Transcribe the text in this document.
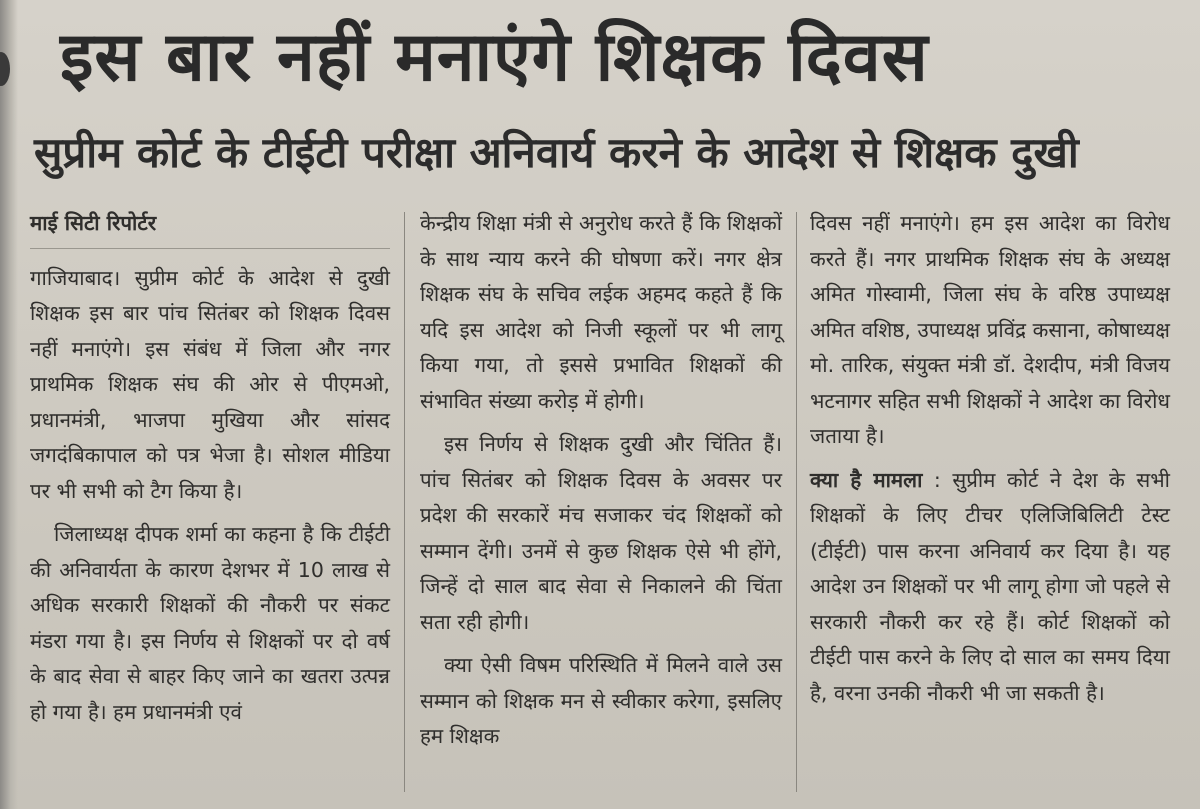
इस बार नहीं मनाएंगे शिक्षक दिवस
सुप्रीम कोर्ट के टीईटी परीक्षा अनिवार्य करने के आदेश से शिक्षक दुखी
माई सिटी रिपोर्टर

गाजियाबाद। सुप्रीम कोर्ट के आदेश से दुखी शिक्षक इस बार पांच सितंबर को शिक्षक दिवस नहीं मनाएंगे। इस संबंध में जिला और नगर प्राथमिक शिक्षक संघ की ओर से पीएमओ, प्रधानमंत्री, भाजपा मुखिया और सांसद जगदंबिकापाल को पत्र भेजा है। सोशल मीडिया पर भी सभी को टैग किया है।

जिलाध्यक्ष दीपक शर्मा का कहना है कि टीईटी की अनिवार्यता के कारण देशभर में 10 लाख से अधिक सरकारी शिक्षकों की नौकरी पर संकट मंडरा गया है। इस निर्णय से शिक्षकों पर दो वर्ष के बाद सेवा से बाहर किए जाने का खतरा उत्पन्न हो गया है। हम प्रधानमंत्री एवं

केन्द्रीय शिक्षा मंत्री से अनुरोध करते हैं कि शिक्षकों के साथ न्याय करने की घोषणा करें। नगर क्षेत्र शिक्षक संघ के सचिव लईक अहमद कहते हैं कि यदि इस आदेश को निजी स्कूलों पर भी लागू किया गया, तो इससे प्रभावित शिक्षकों की संभावित संख्या करोड़ में होगी।

इस निर्णय से शिक्षक दुखी और चिंतित हैं। पांच सितंबर को शिक्षक दिवस के अवसर पर प्रदेश की सरकारें मंच सजाकर चंद शिक्षकों को सम्मान देंगी। उनमें से कुछ शिक्षक ऐसे भी होंगे, जिन्हें दो साल बाद सेवा से निकालने की चिंता सता रही होगी।

क्या ऐसी विषम परिस्थिति में मिलने वाले उस सम्मान को शिक्षक मन से स्वीकार करेगा, इसलिए हम शिक्षक

दिवस नहीं मनाएंगे। हम इस आदेश का विरोध करते हैं। नगर प्राथमिक शिक्षक संघ के अध्यक्ष अमित गोस्वामी, जिला संघ के वरिष्ठ उपाध्यक्ष अमित वशिष्ठ, उपाध्यक्ष प्रविंद्र कसाना, कोषाध्यक्ष मो. तारिक, संयुक्त मंत्री डॉ. देशदीप, मंत्री विजय भटनागर सहित सभी शिक्षकों ने आदेश का विरोध जताया है।

क्या है मामला : सुप्रीम कोर्ट ने देश के सभी शिक्षकों के लिए टीचर एलिजिबिलिटी टेस्ट (टीईटी) पास करना अनिवार्य कर दिया है। यह आदेश उन शिक्षकों पर भी लागू होगा जो पहले से सरकारी नौकरी कर रहे हैं। कोर्ट शिक्षकों को टीईटी पास करने के लिए दो साल का समय दिया है, वरना उनकी नौकरी भी जा सकती है।
